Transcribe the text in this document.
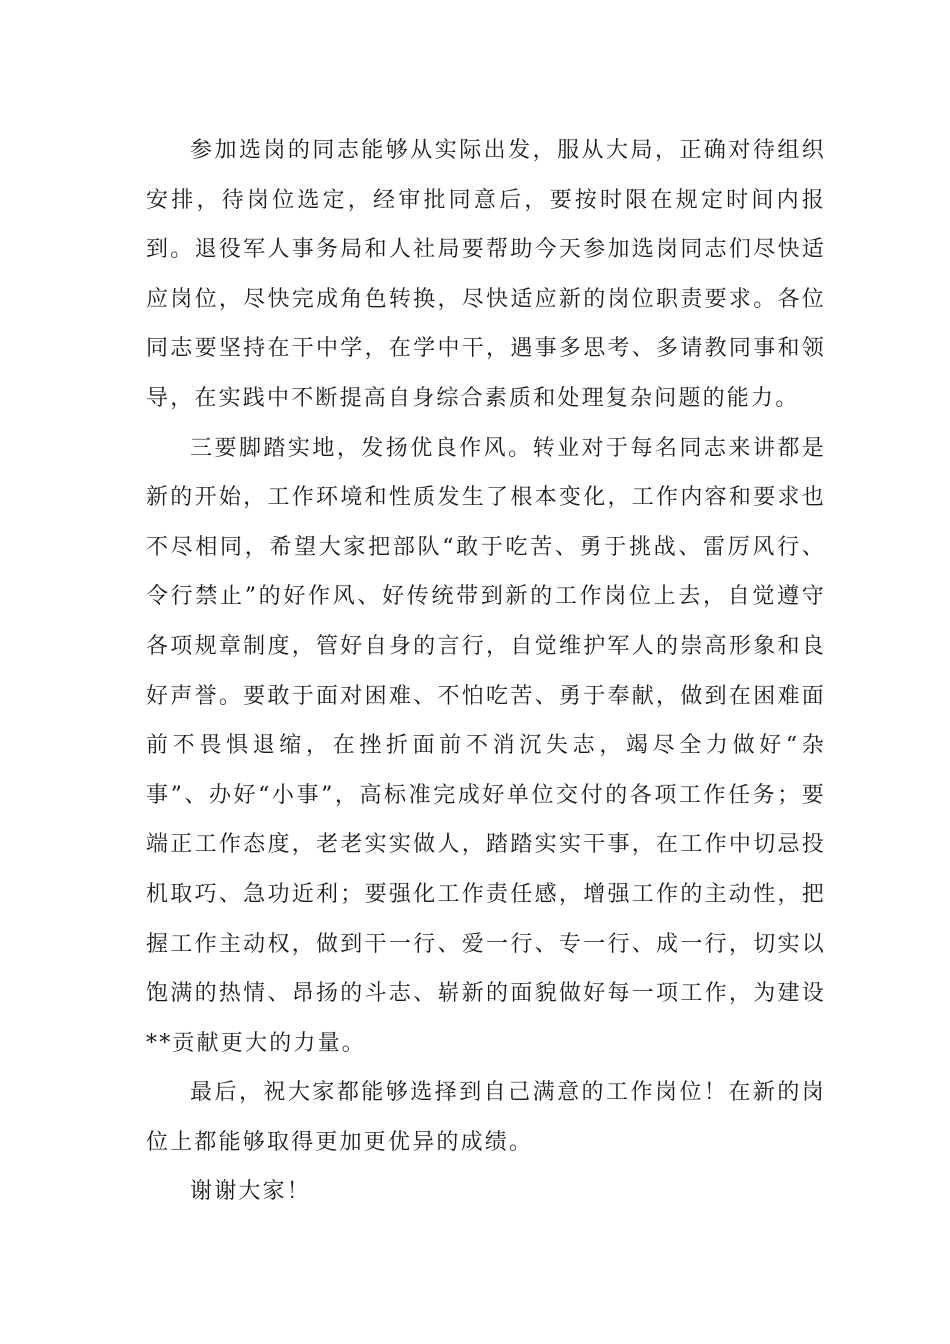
参加选岗的同志能够从实际出发，服从大局，正确对待组织安排，待岗位选定，经审批同意后，要按时限在规定时间内报到。退役军人事务局和人社局要帮助今天参加选岗同志们尽快适应岗位，尽快完成角色转换，尽快适应新的岗位职责要求。各位同志要坚持在干中学，在学中干，遇事多思考、多请教同事和领导，在实践中不断提高自身综合素质和处理复杂问题的能力。

三要脚踏实地，发扬优良作风。转业对于每名同志来讲都是新的开始，工作环境和性质发生了根本变化，工作内容和要求也不尽相同，希望大家把部队“敢于吃苦、勇于挑战、雷厉风行、令行禁止”的好作风、好传统带到新的工作岗位上去，自觉遵守各项规章制度，管好自身的言行，自觉维护军人的崇高形象和良好声誉。要敢于面对困难、不怕吃苦、勇于奉献，做到在困难面前不畏惧退缩，在挫折面前不消沉失志，竭尽全力做好“杂事”、办好“小事”，高标准完成好单位交付的各项工作任务；要端正工作态度，老老实实做人，踏踏实实干事，在工作中切忌投机取巧、急功近利；要强化工作责任感，增强工作的主动性，把握工作主动权，做到干一行、爱一行、专一行、成一行，切实以饱满的热情、昂扬的斗志、崭新的面貌做好每一项工作，为建设**贡献更大的力量。

最后，祝大家都能够选择到自己满意的工作岗位！在新的岗位上都能够取得更加更优异的成绩。

谢谢大家！
